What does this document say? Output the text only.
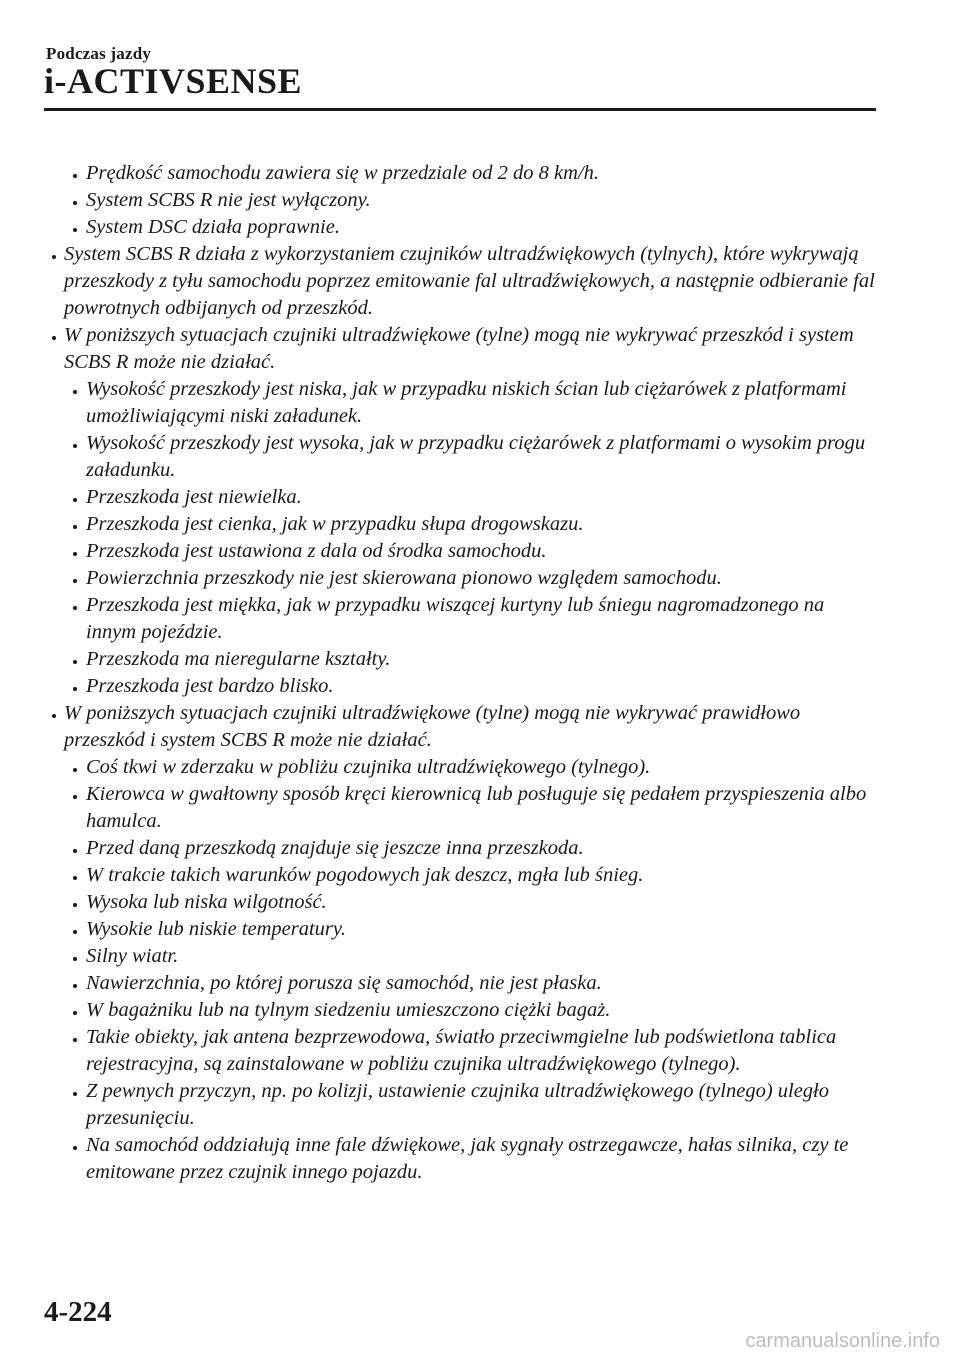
Podczas jazdy
i-ACTIVSENSE
Prędkość samochodu zawiera się w przedziale od 2 do 8 km/h.
System SCBS R nie jest wyłączony.
System DSC działa poprawnie.
System SCBS R działa z wykorzystaniem czujników ultradźwiękowych (tylnych), które wykrywają przeszkody z tyłu samochodu poprzez emitowanie fal ultradźwiękowych, a następnie odbieranie fal powrotnych odbijanych od przeszkód.
W poniższych sytuacjach czujniki ultradźwiękowe (tylne) mogą nie wykrywać przeszkód i system SCBS R może nie działać.
Wysokość przeszkody jest niska, jak w przypadku niskich ścian lub ciężarówek z platformami umożliwiającymi niski załadunek.
Wysokość przeszkody jest wysoka, jak w przypadku ciężarówek z platformami o wysokim progu załadunku.
Przeszkoda jest niewielka.
Przeszkoda jest cienka, jak w przypadku słupa drogowskazu.
Przeszkoda jest ustawiona z dala od środka samochodu.
Powierzchnia przeszkody nie jest skierowana pionowo względem samochodu.
Przeszkoda jest miękka, jak w przypadku wiszącej kurtyny lub śniegu nagromadzonego na innym pojeździe.
Przeszkoda ma nieregularne kształty.
Przeszkoda jest bardzo blisko.
W poniższych sytuacjach czujniki ultradźwiękowe (tylne) mogą nie wykrywać prawidłowo przeszkód i system SCBS R może nie działać.
Coś tkwi w zderzaku w pobliżu czujnika ultradźwiękowego (tylnego).
Kierowca w gwałtowny sposób kręci kierownicą lub posługuje się pedałem przyspieszenia albo hamulca.
Przed daną przeszkodą znajduje się jeszcze inna przeszkoda.
W trakcie takich warunków pogodowych jak deszcz, mgła lub śnieg.
Wysoka lub niska wilgotność.
Wysokie lub niskie temperatury.
Silny wiatr.
Nawierzchnia, po której porusza się samochód, nie jest płaska.
W bagażniku lub na tylnym siedzeniu umieszczono ciężki bagaż.
Takie obiekty, jak antena bezprzewodowa, światło przeciwmgielne lub podświetlona tablica rejestracyjna, są zainstalowane w pobliżu czujnika ultradźwiękowego (tylnego).
Z pewnych przyczyn, np. po kolizji, ustawienie czujnika ultradźwiękowego (tylnego) uległo przesunięciu.
Na samochód oddziałują inne fale dźwiękowe, jak sygnały ostrzegawcze, hałas silnika, czy te emitowane przez czujnik innego pojazdu.
4-224
carmanualsonline.info
